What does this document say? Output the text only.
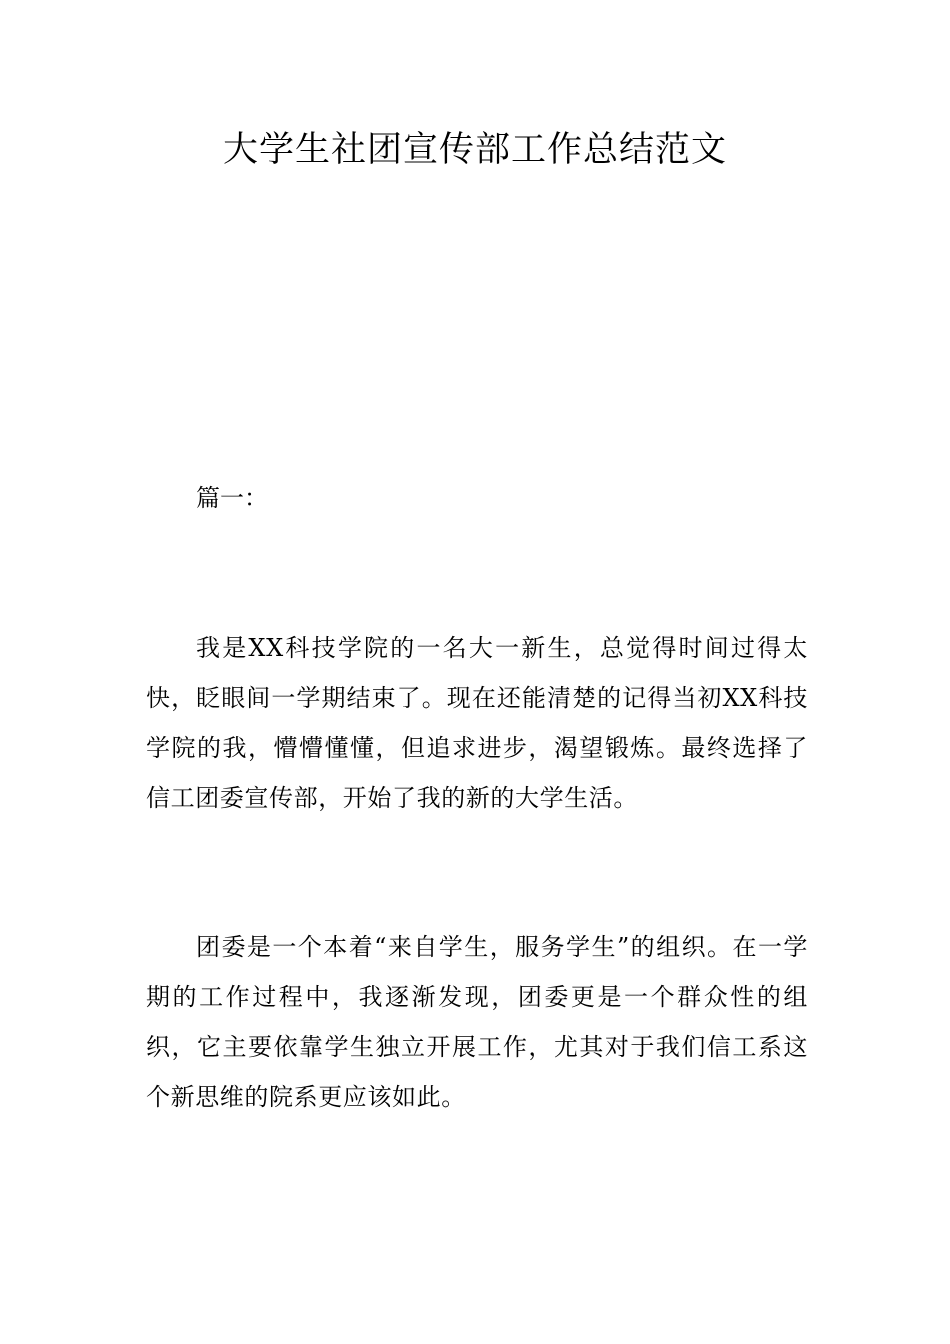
大学生社团宣传部工作总结范文

篇一：

我是XX科技学院的一名大一新生，总觉得时间过得太快，眨眼间一学期结束了。现在还能清楚的记得当初XX科技学院的我，懵懵懂懂，但追求进步，渴望锻炼。最终选择了信工团委宣传部，开始了我的新的大学生活。

团委是一个本着“来自学生，服务学生”的组织。在一学期的工作过程中，我逐渐发现，团委更是一个群众性的组织，它主要依靠学生独立开展工作，尤其对于我们信工系这个新思维的院系更应该如此。
